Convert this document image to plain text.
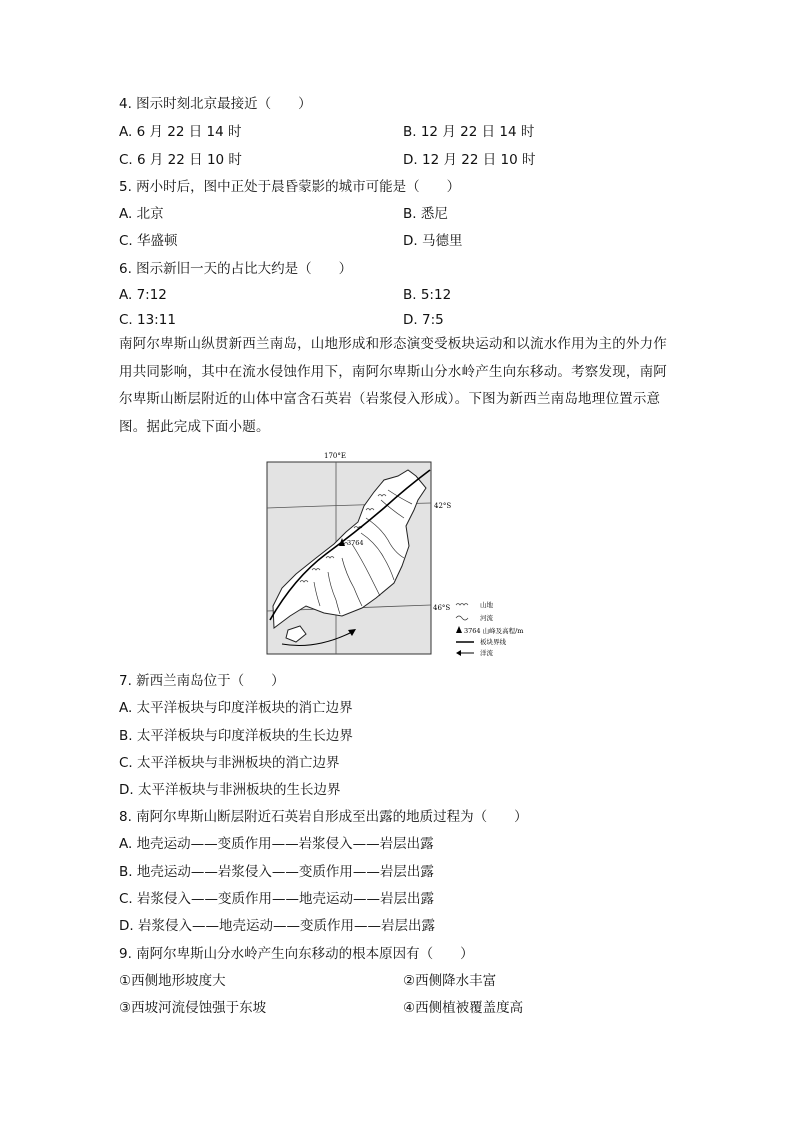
4. 图示时刻北京最接近（　　）
A. 6 月 22 日 14 时	B. 12 月 22 日 14 时
C. 6 月 22 日 10 时	D. 12 月 22 日 10 时
5. 两小时后，图中正处于晨昏蒙影的城市可能是（　　）
A. 北京	B. 悉尼
C. 华盛顿	D. 马德里
6. 图示新旧一天的占比大约是（　　）
A. 7:12	B. 5:12
C. 13:11	D. 7:5
南阿尔卑斯山纵贯新西兰南岛，山地形成和形态演变受板块运动和以流水作用为主的外力作用共同影响，其中在流水侵蚀作用下，南阿尔卑斯山分水岭产生向东移动。考察发现，南阿尔卑斯山断层附近的山体中富含石英岩（岩浆侵入形成）。下图为新西兰南岛地理位置示意图。据此完成下面小题。
3764
170°E
42°S
46°S	山地
河流
3764 山峰及高程/m
板块界线
洋流
7. 新西兰南岛位于（　　）
A. 太平洋板块与印度洋板块的消亡边界
B. 太平洋板块与印度洋板块的生长边界
C. 太平洋板块与非洲板块的消亡边界
D. 太平洋板块与非洲板块的生长边界
8. 南阿尔卑斯山断层附近石英岩自形成至出露的地质过程为（　　）
A. 地壳运动——变质作用——岩浆侵入——岩层出露
B. 地壳运动——岩浆侵入——变质作用——岩层出露
C. 岩浆侵入——变质作用——地壳运动——岩层出露
D. 岩浆侵入——地壳运动——变质作用——岩层出露
9. 南阿尔卑斯山分水岭产生向东移动的根本原因有（　　）
①西侧地形坡度大	②西侧降水丰富
③西坡河流侵蚀强于东坡	④西侧植被覆盖度高
